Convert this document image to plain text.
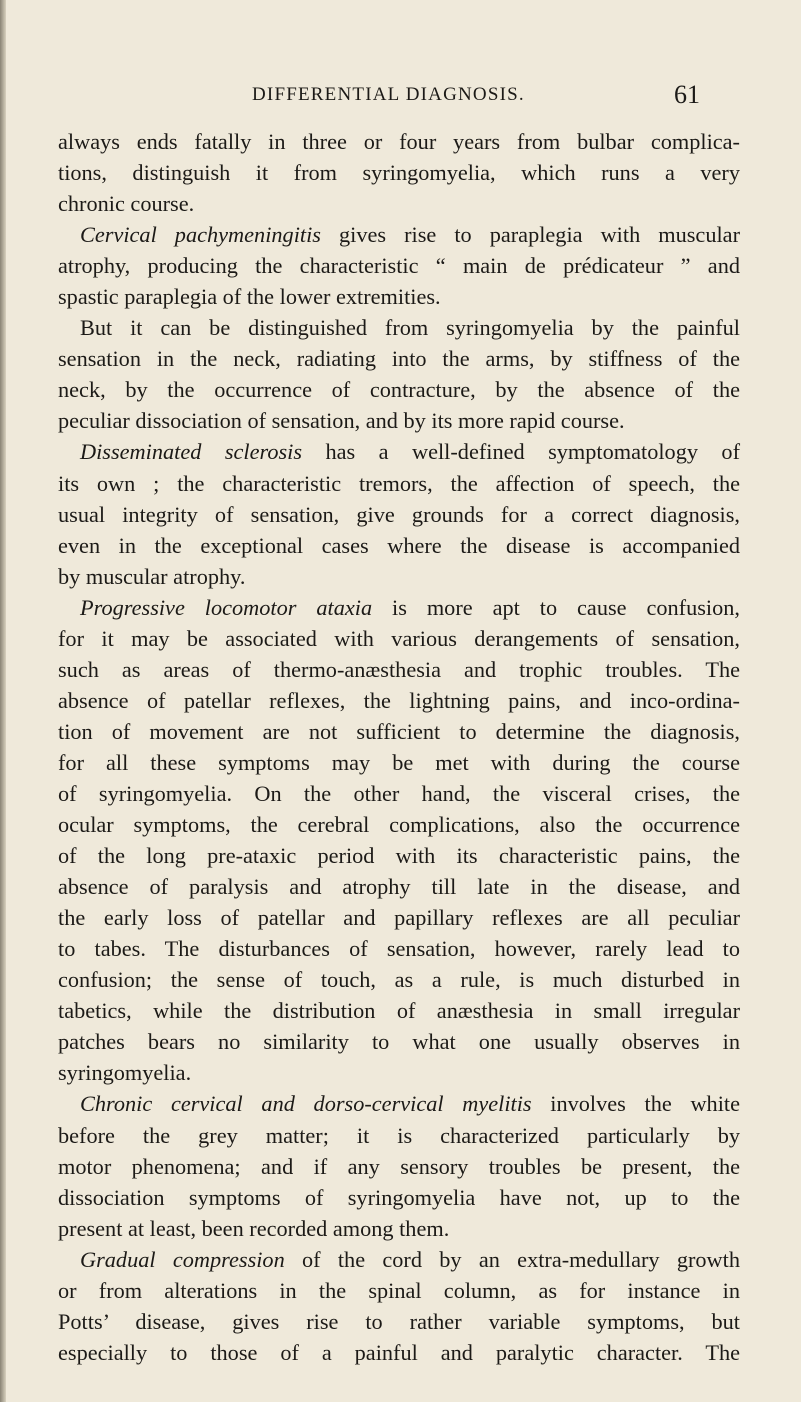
DIFFERENTIAL DIAGNOSIS.	61
always ends fatally in three or four years from bulbar complica-
tions, distinguish it from syringomyelia, which runs a very
chronic course.
Cervical pachymeningitis gives rise to paraplegia with muscular
atrophy, producing the characteristic “ main de prédicateur ” and
spastic paraplegia of the lower extremities.
But it can be distinguished from syringomyelia by the painful
sensation in the neck, radiating into the arms, by stiffness of the
neck, by the occurrence of contracture, by the absence of the
peculiar dissociation of sensation, and by its more rapid course.
Disseminated sclerosis has a well-defined symptomatology of
its own ; the characteristic tremors, the affection of speech, the
usual integrity of sensation, give grounds for a correct diagnosis,
even in the exceptional cases where the disease is accompanied
by muscular atrophy.
Progressive locomotor ataxia is more apt to cause confusion,
for it may be associated with various derangements of sensation,
such as areas of thermo-anæsthesia and trophic troubles. The
absence of patellar reflexes, the lightning pains, and inco-ordina-
tion of movement are not sufficient to determine the diagnosis,
for all these symptoms may be met with during the course
of syringomyelia. On the other hand, the visceral crises, the
ocular symptoms, the cerebral complications, also the occurrence
of the long pre-ataxic period with its characteristic pains, the
absence of paralysis and atrophy till late in the disease, and
the early loss of patellar and papillary reflexes are all peculiar
to tabes. The disturbances of sensation, however, rarely lead to
confusion; the sense of touch, as a rule, is much disturbed in
tabetics, while the distribution of anæsthesia in small irregular
patches bears no similarity to what one usually observes in
syringomyelia.
Chronic cervical and dorso-cervical myelitis involves the white
before the grey matter; it is characterized particularly by
motor phenomena; and if any sensory troubles be present, the
dissociation symptoms of syringomyelia have not, up to the
present at least, been recorded among them.
Gradual compression of the cord by an extra-medullary growth
or from alterations in the spinal column, as for instance in
Potts’ disease, gives rise to rather variable symptoms, but
especially to those of a painful and paralytic character. The
